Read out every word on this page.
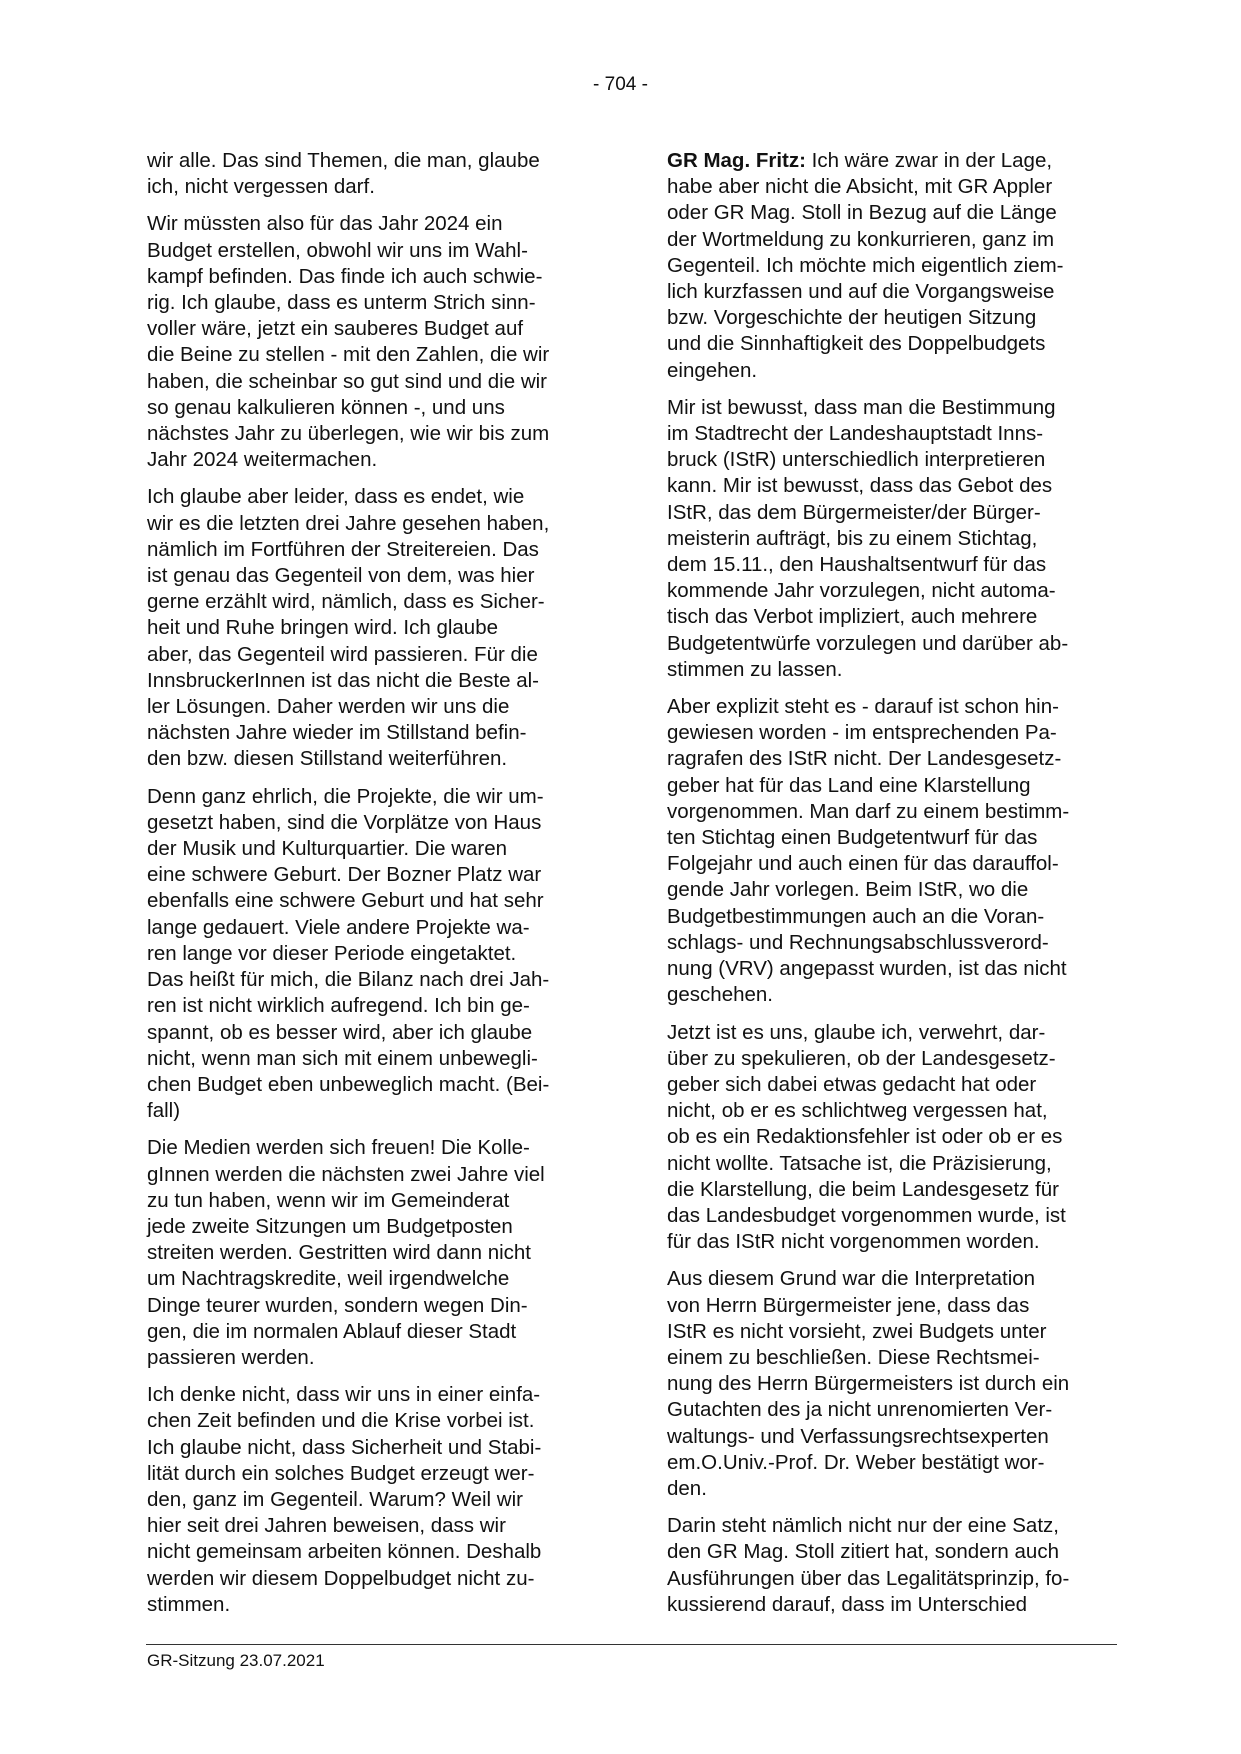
- 704 -

wir alle. Das sind Themen, die man, glaube
ich, nicht vergessen darf.

Wir müssten also für das Jahr 2024 ein
Budget erstellen, obwohl wir uns im Wahl-
kampf befinden. Das finde ich auch schwie-
rig. Ich glaube, dass es unterm Strich sinn-
voller wäre, jetzt ein sauberes Budget auf
die Beine zu stellen - mit den Zahlen, die wir
haben, die scheinbar so gut sind und die wir
so genau kalkulieren können -, und uns
nächstes Jahr zu überlegen, wie wir bis zum
Jahr 2024 weitermachen.

Ich glaube aber leider, dass es endet, wie
wir es die letzten drei Jahre gesehen haben,
nämlich im Fortführen der Streitereien. Das
ist genau das Gegenteil von dem, was hier
gerne erzählt wird, nämlich, dass es Sicher-
heit und Ruhe bringen wird. Ich glaube
aber, das Gegenteil wird passieren. Für die
InnsbruckerInnen ist das nicht die Beste al-
ler Lösungen. Daher werden wir uns die
nächsten Jahre wieder im Stillstand befin-
den bzw. diesen Stillstand weiterführen.

Denn ganz ehrlich, die Projekte, die wir um-
gesetzt haben, sind die Vorplätze von Haus
der Musik und Kulturquartier. Die waren
eine schwere Geburt. Der Bozner Platz war
ebenfalls eine schwere Geburt und hat sehr
lange gedauert. Viele andere Projekte wa-
ren lange vor dieser Periode eingetaktet.
Das heißt für mich, die Bilanz nach drei Jah-
ren ist nicht wirklich aufregend. Ich bin ge-
spannt, ob es besser wird, aber ich glaube
nicht, wenn man sich mit einem unbewegli-
chen Budget eben unbeweglich macht. (Bei-
fall)

Die Medien werden sich freuen! Die Kolle-
gInnen werden die nächsten zwei Jahre viel
zu tun haben, wenn wir im Gemeinderat
jede zweite Sitzungen um Budgetposten
streiten werden. Gestritten wird dann nicht
um Nachtragskredite, weil irgendwelche
Dinge teurer wurden, sondern wegen Din-
gen, die im normalen Ablauf dieser Stadt
passieren werden.

Ich denke nicht, dass wir uns in einer einfa-
chen Zeit befinden und die Krise vorbei ist.
Ich glaube nicht, dass Sicherheit und Stabi-
lität durch ein solches Budget erzeugt wer-
den, ganz im Gegenteil. Warum? Weil wir
hier seit drei Jahren beweisen, dass wir
nicht gemeinsam arbeiten können. Deshalb
werden wir diesem Doppelbudget nicht zu-
stimmen.

GR Mag. Fritz: Ich wäre zwar in der Lage,
habe aber nicht die Absicht, mit GR Appler
oder GR Mag. Stoll in Bezug auf die Länge
der Wortmeldung zu konkurrieren, ganz im
Gegenteil. Ich möchte mich eigentlich ziem-
lich kurzfassen und auf die Vorgangsweise
bzw. Vorgeschichte der heutigen Sitzung
und die Sinnhaftigkeit des Doppelbudgets
eingehen.

Mir ist bewusst, dass man die Bestimmung
im Stadtrecht der Landeshauptstadt Inns-
bruck (IStR) unterschiedlich interpretieren
kann. Mir ist bewusst, dass das Gebot des
IStR, das dem Bürgermeister/der Bürger-
meisterin aufträgt, bis zu einem Stichtag,
dem 15.11., den Haushaltsentwurf für das
kommende Jahr vorzulegen, nicht automa-
tisch das Verbot impliziert, auch mehrere
Budgetentwürfe vorzulegen und darüber ab-
stimmen zu lassen.

Aber explizit steht es - darauf ist schon hin-
gewiesen worden - im entsprechenden Pa-
ragrafen des IStR nicht. Der Landesgesetz-
geber hat für das Land eine Klarstellung
vorgenommen. Man darf zu einem bestimm-
ten Stichtag einen Budgetentwurf für das
Folgejahr und auch einen für das darauffol-
gende Jahr vorlegen. Beim IStR, wo die
Budgetbestimmungen auch an die Voran-
schlags- und Rechnungsabschlussverord-
nung (VRV) angepasst wurden, ist das nicht
geschehen.

Jetzt ist es uns, glaube ich, verwehrt, dar-
über zu spekulieren, ob der Landesgesetz-
geber sich dabei etwas gedacht hat oder
nicht, ob er es schlichtweg vergessen hat,
ob es ein Redaktionsfehler ist oder ob er es
nicht wollte. Tatsache ist, die Präzisierung,
die Klarstellung, die beim Landesgesetz für
das Landesbudget vorgenommen wurde, ist
für das IStR nicht vorgenommen worden.

Aus diesem Grund war die Interpretation
von Herrn Bürgermeister jene, dass das
IStR es nicht vorsieht, zwei Budgets unter
einem zu beschließen. Diese Rechtsmei-
nung des Herrn Bürgermeisters ist durch ein
Gutachten des ja nicht unrenomierten Ver-
waltungs- und Verfassungsrechtsexperten
em.O.Univ.-Prof. Dr. Weber bestätigt wor-
den.

Darin steht nämlich nicht nur der eine Satz,
den GR Mag. Stoll zitiert hat, sondern auch
Ausführungen über das Legalitätsprinzip, fo-
kussierend darauf, dass im Unterschied

GR-Sitzung 23.07.2021
